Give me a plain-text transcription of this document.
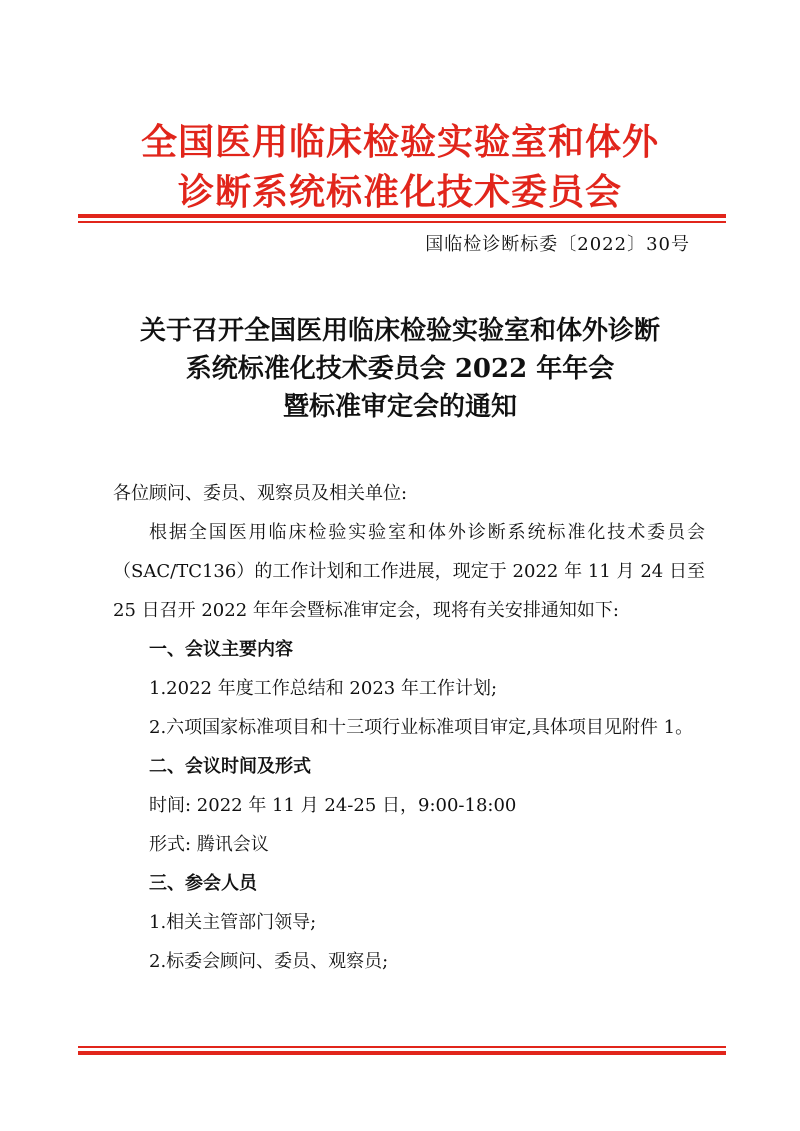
全国医用临床检验实验室和体外
诊断系统标准化技术委员会
国临检诊断标委〔2022〕30号
关于召开全国医用临床检验实验室和体外诊断
系统标准化技术委员会 2022 年年会
暨标准审定会的通知

各位顾问、委员、观察员及相关单位:

根据全国医用临床检验实验室和体外诊断系统标准化技术委员会（SAC/TC136）的工作计划和工作进展，现定于 2022 年 11 月 24 日至 25 日召开 2022 年年会暨标准审定会，现将有关安排通知如下:

一、会议主要内容

1.2022 年度工作总结和 2023 年工作计划;

2.六项国家标准项目和十三项行业标准项目审定,具体项目见附件 1。

二、会议时间及形式

时间: 2022 年 11 月 24-25 日，9:00-18:00

形式: 腾讯会议

三、参会人员

1.相关主管部门领导;

2.标委会顾问、委员、观察员;
